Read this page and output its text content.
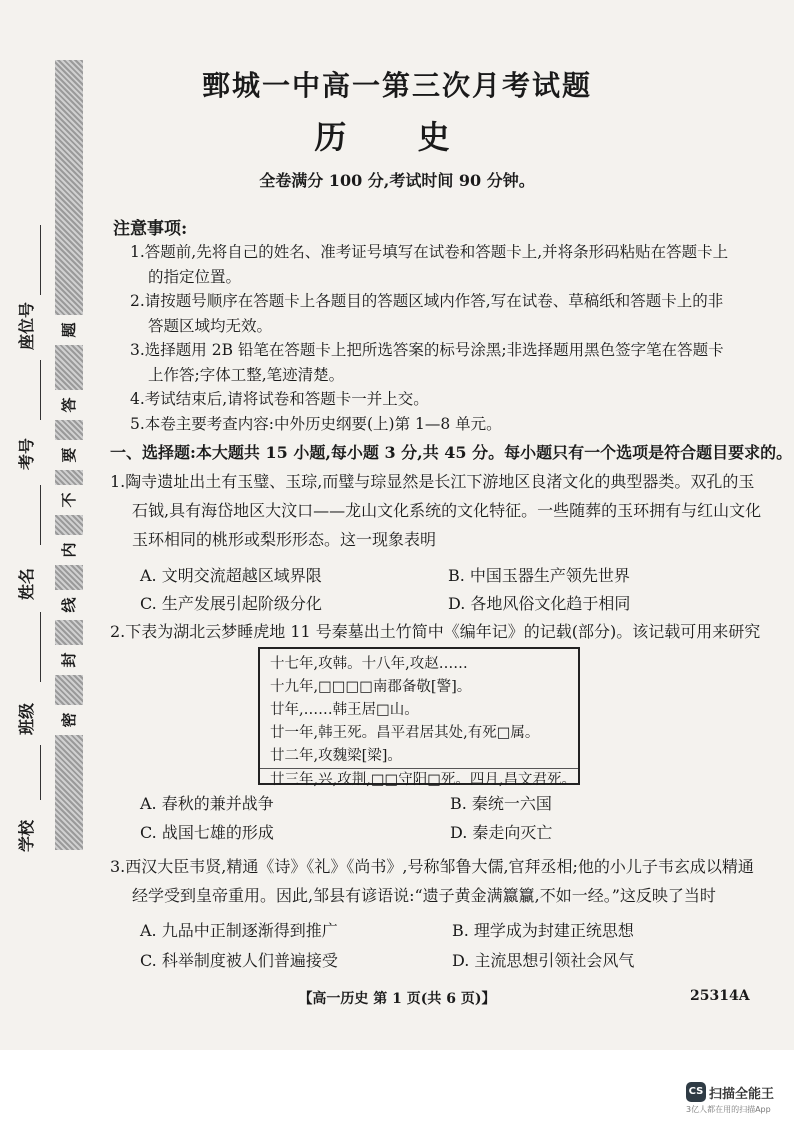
题
答
要
不
内
线
封
密
座位号
考号
姓名
班级
学校
鄄城一中高一第三次月考试题
历 史
全卷满分 100 分,考试时间 90 分钟。
注意事项:
1.答题前,先将自己的姓名、准考证号填写在试卷和答题卡上,并将条形码粘贴在答题卡上
的指定位置。
2.请按题号顺序在答题卡上各题目的答题区域内作答,写在试卷、草稿纸和答题卡上的非
答题区域均无效。
3.选择题用 2B 铅笔在答题卡上把所选答案的标号涂黑;非选择题用黑色签字笔在答题卡
上作答;字体工整,笔迹清楚。
4.考试结束后,请将试卷和答题卡一并上交。
5.本卷主要考查内容:中外历史纲要(上)第 1—8 单元。
一、选择题:本大题共 15 小题,每小题 3 分,共 45 分。每小题只有一个选项是符合题目要求的。
1.陶寺遗址出土有玉璧、玉琮,而璧与琮显然是长江下游地区良渚文化的典型器类。双孔的玉
石钺,具有海岱地区大汶口——龙山文化系统的文化特征。一些随葬的玉环拥有与红山文化
玉环相同的桃形或梨形形态。这一现象表明
A. 文明交流超越区域界限	B. 中国玉器生产领先世界
C. 生产发展引起阶级分化	D. 各地风俗文化趋于相同
2.下表为湖北云梦睡虎地 11 号秦墓出土竹简中《编年记》的记载(部分)。该记载可用来研究
十七年,攻韩。十八年,攻赵……
十九年,□□□□南郡备敬[警]。
廿年,……韩王居□山。
廿一年,韩王死。昌平君居其处,有死□属。
廿二年,攻魏梁[梁]。
廿三年,兴,攻荆,□□守阳□死。四月,昌文君死。
A. 春秋的兼并战争	B. 秦统一六国
C. 战国七雄的形成	D. 秦走向灭亡
3.西汉大臣韦贤,精通《诗》《礼》《尚书》,号称邹鲁大儒,官拜丞相;他的小儿子韦玄成以精通
经学受到皇帝重用。因此,邹县有谚语说:“遗子黄金满籝籯,不如一经。”这反映了当时
A. 九品中正制逐渐得到推广	B. 理学成为封建正统思想
C. 科举制度被人们普遍接受	D. 主流思想引领社会风气
【高一历史 第 1 页(共 6 页)】	25314A
CS 扫描全能王
3亿人都在用的扫描App
